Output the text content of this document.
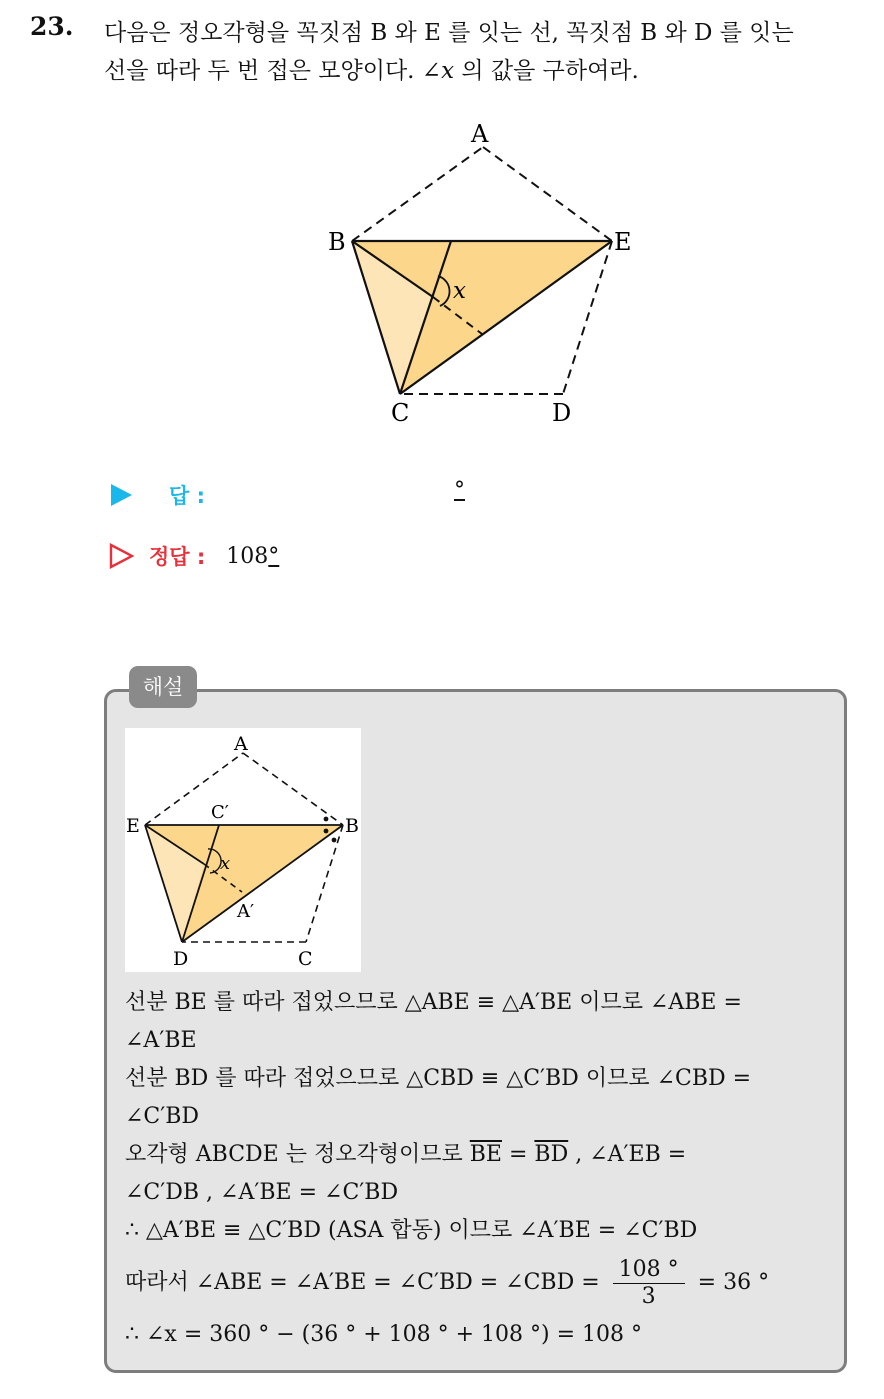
23. 다음은 정오각형을 꼭짓점 B 와 E 를 잇는 선, 꼭짓점 B 와 D 를 잇는
선을 따라 두 번 접은 모양이다. ∠x 의 값을 구하여라.
A
B	E
C	D
x
답 :	°
정답 : 108°
해설
A
E	B
C′
x
A′
D	C
선분 BE 를 따라 접었으므로 △ABE ≡ △A′BE 이므로 ∠ABE =
∠A′BE
선분 BD 를 따라 접었으므로 △CBD ≡ △C′BD 이므로 ∠CBD =
∠C′BD
오각형 ABCDE 는 정오각형이므로 $\overline{BE} = \overline{BD}$ , ∠A′EB =
∠C′DB , ∠A′BE = ∠C′BD
∴ △A′BE ≡ △C′BD (ASA 합동) 이므로 ∠A′BE = ∠C′BD
따라서 ∠ABE = ∠A′BE = ∠C′BD = ∠CBD = $\frac{108 ^\circ}{3} = 36$ °
∴ ∠x = 360 ° − (36 ° + 108 ° + 108 °) = 108 °
